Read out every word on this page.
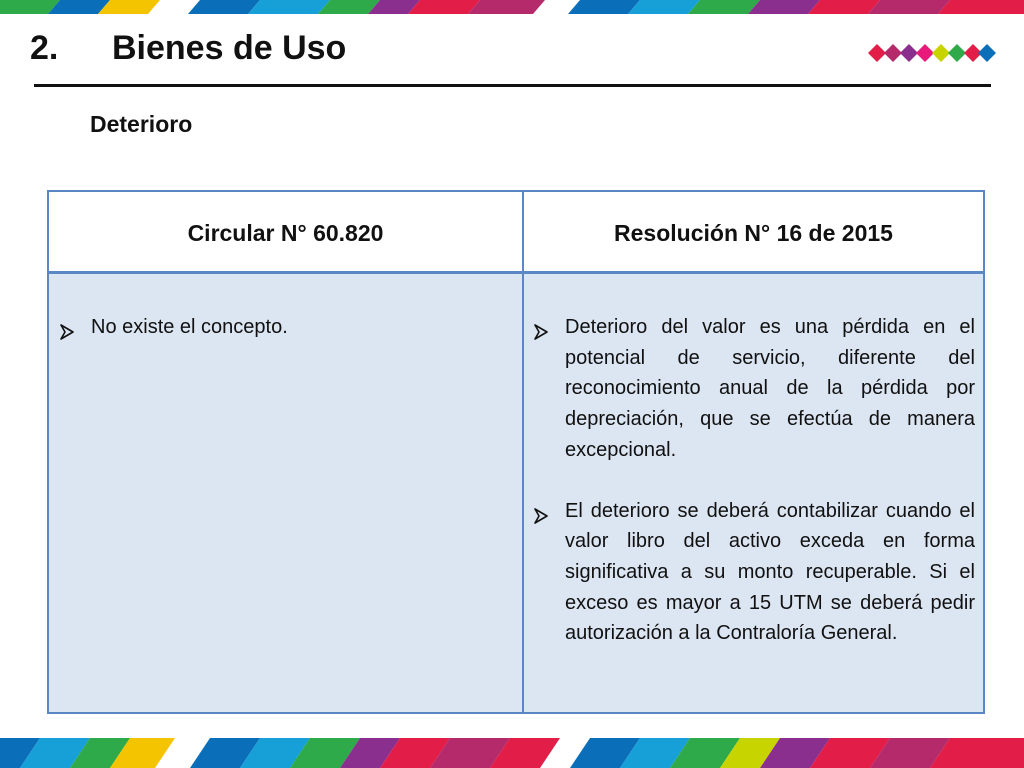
2. Bienes de Uso
Deterioro
Circular N° 60.820	Resolución N° 16 de 2015
No existe el concepto.	Deterioro del valor es una pérdida en el potencial de servicio, diferente del reconocimiento anual de la pérdida por depreciación, que se efectúa de manera excepcional.
El deterioro se deberá contabilizar cuando el valor libro del activo exceda en forma significativa a su monto recuperable. Si el exceso es mayor a 15 UTM se deberá pedir autorización a la Contraloría General.
